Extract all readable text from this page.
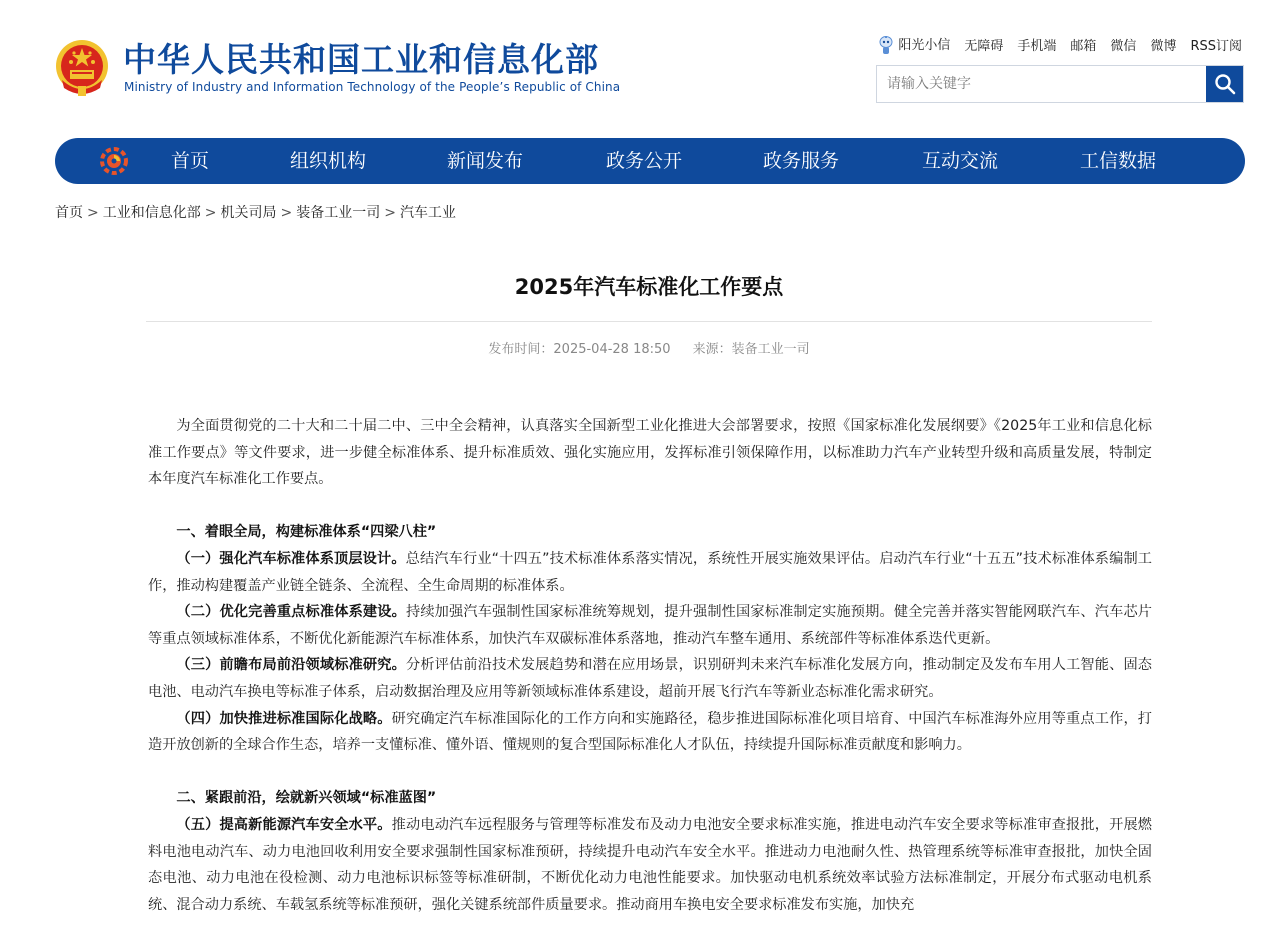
中华人民共和国工业和信息化部
Ministry of Industry and Information Technology of the People’s Republic of China
阳光小信 无障碍 手机端 邮箱 微信 微博 RSS订阅
请输入关键字
首页	组织机构	新闻发布	政务公开	政务服务	互动交流	工信数据
首页 > 工业和信息化部 > 机关司局 > 装备工业一司 > 汽车工业
2025年汽车标准化工作要点
发布时间：2025-04-28 18:50 来源：装备工业一司

为全面贯彻党的二十大和二十届二中、三中全会精神，认真落实全国新型工业化推进大会部署要求，按照《国家标准化发展纲要》《2025年工业和信息化标准工作要点》等文件要求，进一步健全标准体系、提升标准质效、强化实施应用，发挥标准引领保障作用，以标准助力汽车产业转型升级和高质量发展，特制定本年度汽车标准化工作要点。

一、着眼全局，构建标准体系“四梁八柱”

（一）强化汽车标准体系顶层设计。总结汽车行业“十四五”技术标准体系落实情况，系统性开展实施效果评估。启动汽车行业“十五五”技术标准体系编制工作，推动构建覆盖产业链全链条、全流程、全生命周期的标准体系。

（二）优化完善重点标准体系建设。持续加强汽车强制性国家标准统筹规划，提升强制性国家标准制定实施预期。健全完善并落实智能网联汽车、汽车芯片等重点领域标准体系，不断优化新能源汽车标准体系，加快汽车双碳标准体系落地，推动汽车整车通用、系统部件等标准体系迭代更新。

（三）前瞻布局前沿领域标准研究。分析评估前沿技术发展趋势和潜在应用场景，识别研判未来汽车标准化发展方向，推动制定及发布车用人工智能、固态电池、电动汽车换电等标准子体系，启动数据治理及应用等新领域标准体系建设，超前开展飞行汽车等新业态标准化需求研究。

（四）加快推进标准国际化战略。研究确定汽车标准国际化的工作方向和实施路径，稳步推进国际标准化项目培育、中国汽车标准海外应用等重点工作，打造开放创新的全球合作生态，培养一支懂标准、懂外语、懂规则的复合型国际标准化人才队伍，持续提升国际标准贡献度和影响力。

二、紧跟前沿，绘就新兴领域“标准蓝图”

（五）提高新能源汽车安全水平。推动电动汽车远程服务与管理等标准发布及动力电池安全要求标准实施，推进电动汽车安全要求等标准审查报批，开展燃料电池电动汽车、动力电池回收利用安全要求强制性国家标准预研，持续提升电动汽车安全水平。推进动力电池耐久性、热管理系统等标准审查报批，加快全固态电池、动力电池在役检测、动力电池标识标签等标准研制，不断优化动力电池性能要求。加快驱动电机系统效率试验方法标准制定，开展分布式驱动电机系统、混合动力系统、车载氢系统等标准预研，强化关键系统部件质量要求。推动商用车换电安全要求标准发布实施，加快充
